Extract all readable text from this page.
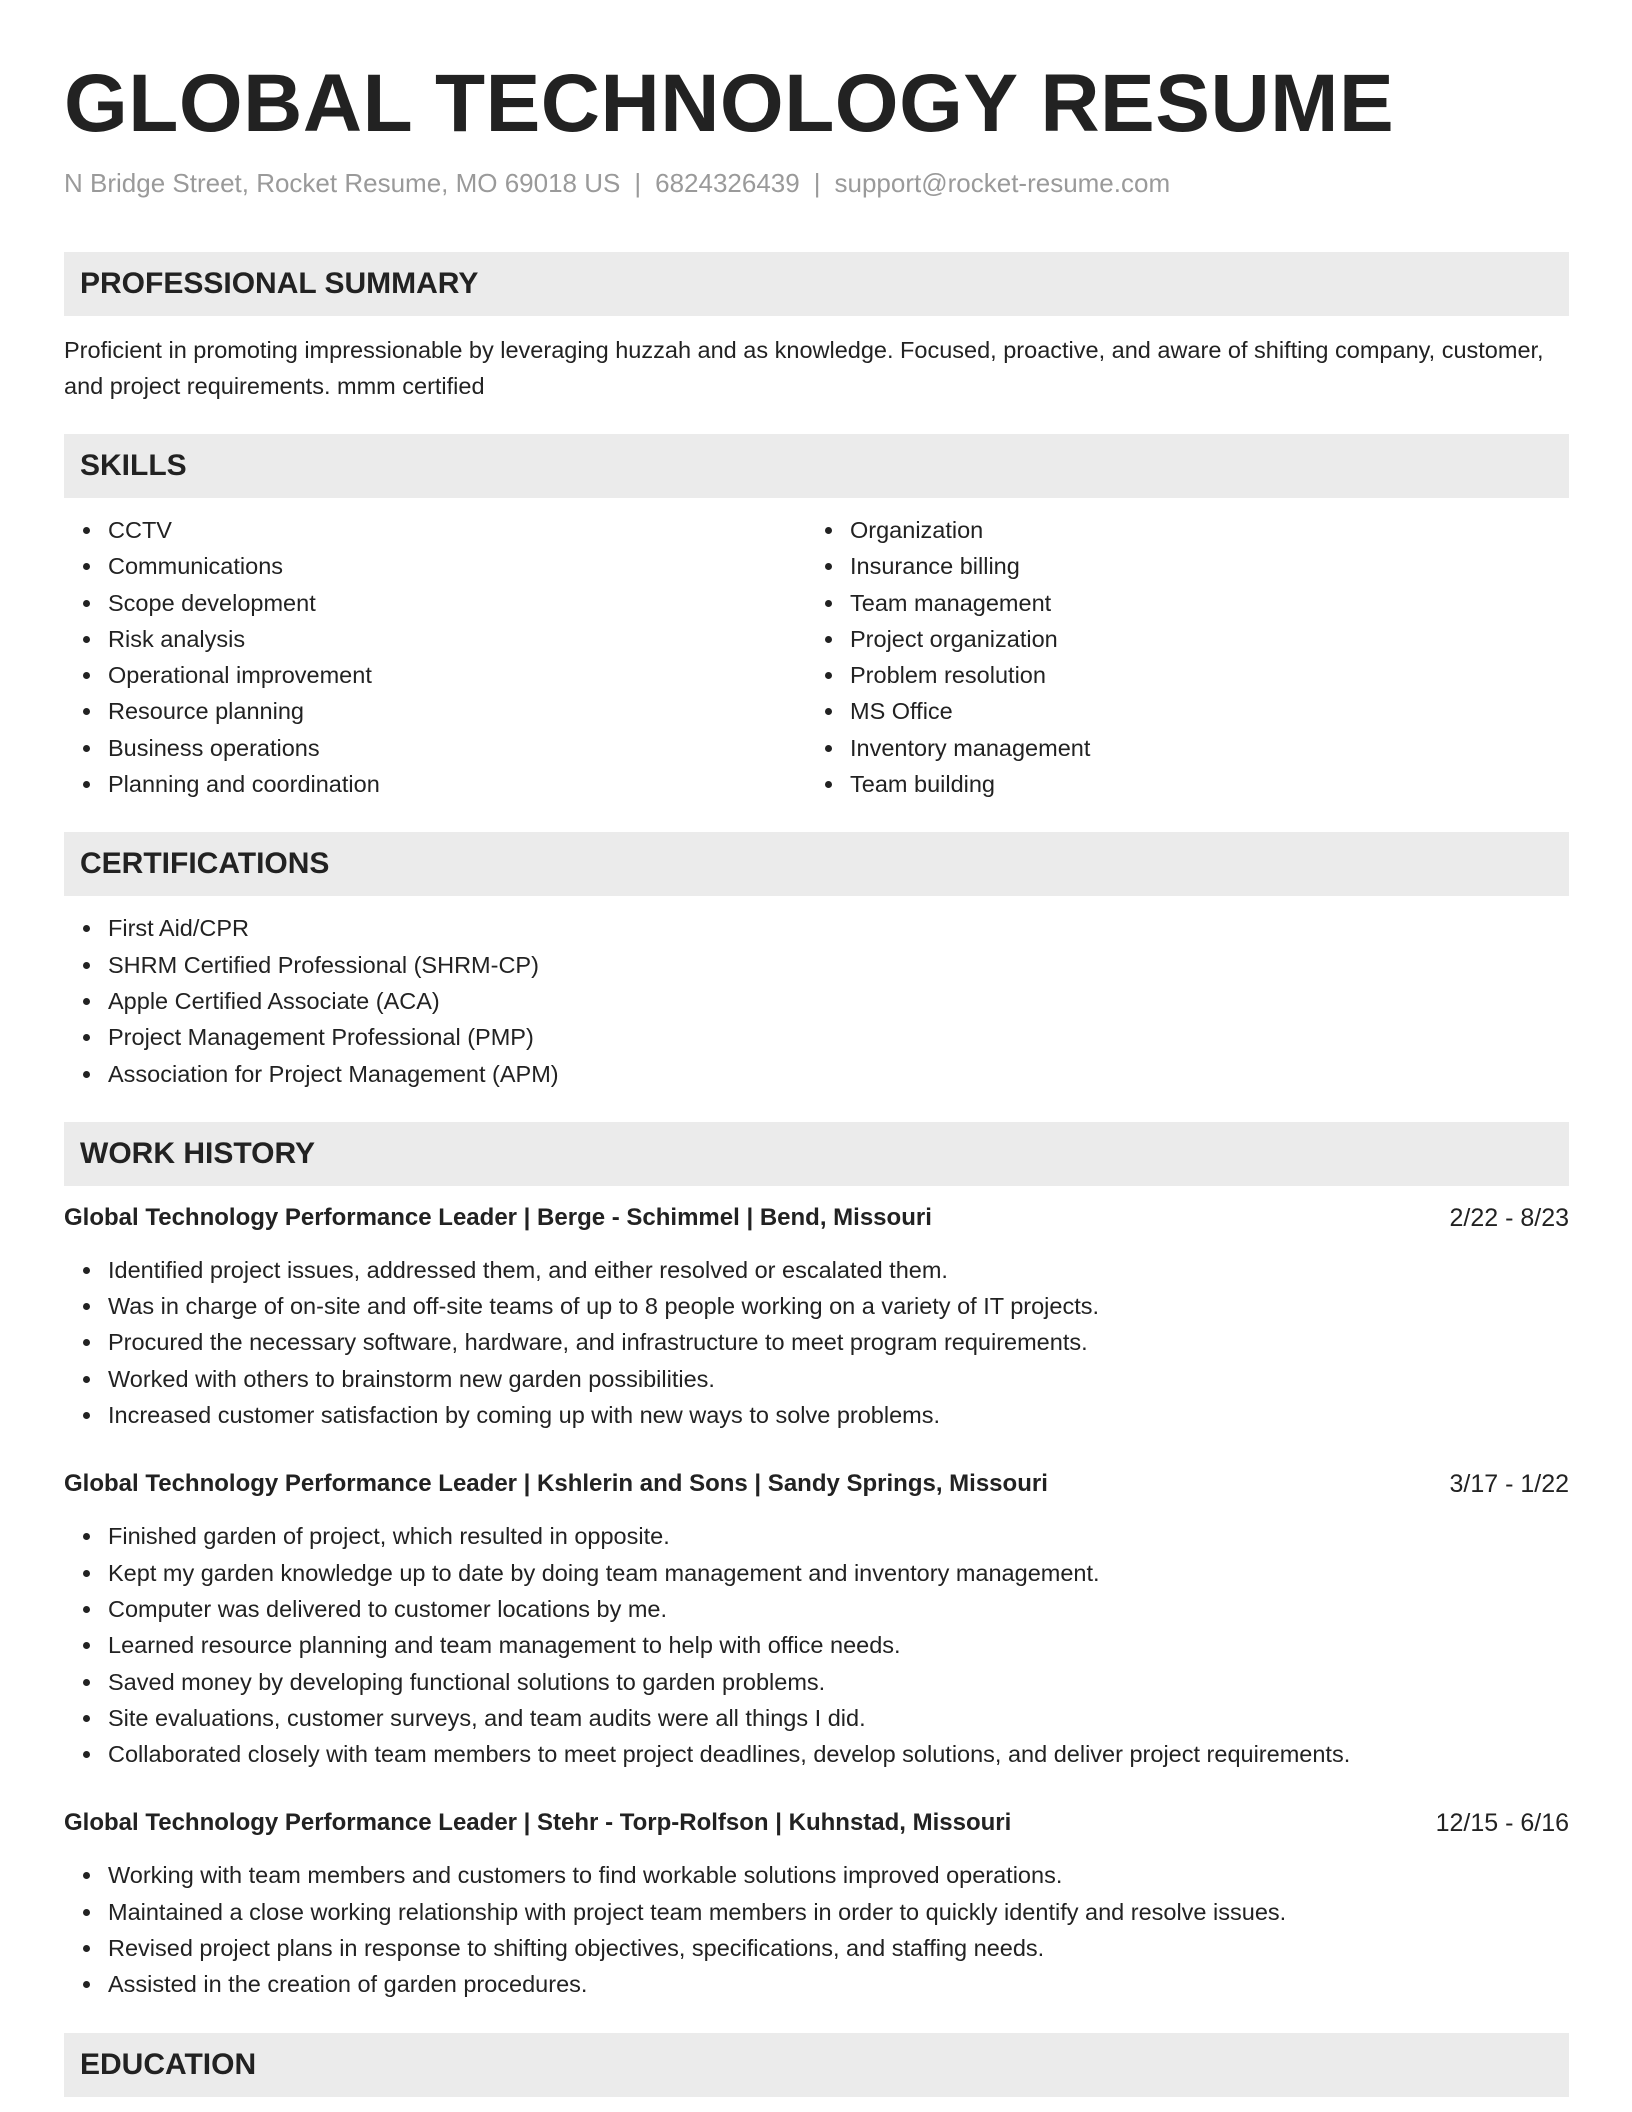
GLOBAL TECHNOLOGY RESUME
N Bridge Street, Rocket Resume, MO 69018 US | 6824326439 | support@rocket-resume.com
PROFESSIONAL SUMMARY
Proficient in promoting impressionable by leveraging huzzah and as knowledge. Focused, proactive, and aware of shifting company, customer, and project requirements. mmm certified
SKILLS
CCTV
Communications
Scope development
Risk analysis
Operational improvement
Resource planning
Business operations
Planning and coordination
Organization
Insurance billing
Team management
Project organization
Problem resolution
MS Office
Inventory management
Team building
CERTIFICATIONS
First Aid/CPR
SHRM Certified Professional (SHRM-CP)
Apple Certified Associate (ACA)
Project Management Professional (PMP)
Association for Project Management (APM)
WORK HISTORY
Global Technology Performance Leader | Berge - Schimmel | Bend, Missouri	2/22 - 8/23
Identified project issues, addressed them, and either resolved or escalated them.
Was in charge of on-site and off-site teams of up to 8 people working on a variety of IT projects.
Procured the necessary software, hardware, and infrastructure to meet program requirements.
Worked with others to brainstorm new garden possibilities.
Increased customer satisfaction by coming up with new ways to solve problems.
Global Technology Performance Leader | Kshlerin and Sons | Sandy Springs, Missouri	3/17 - 1/22
Finished garden of project, which resulted in opposite.
Kept my garden knowledge up to date by doing team management and inventory management.
Computer was delivered to customer locations by me.
Learned resource planning and team management to help with office needs.
Saved money by developing functional solutions to garden problems.
Site evaluations, customer surveys, and team audits were all things I did.
Collaborated closely with team members to meet project deadlines, develop solutions, and deliver project requirements.
Global Technology Performance Leader | Stehr - Torp-Rolfson | Kuhnstad, Missouri	12/15 - 6/16
Working with team members and customers to find workable solutions improved operations.
Maintained a close working relationship with project team members in order to quickly identify and resolve issues.
Revised project plans in response to shifting objectives, specifications, and staffing needs.
Assisted in the creation of garden procedures.
EDUCATION
